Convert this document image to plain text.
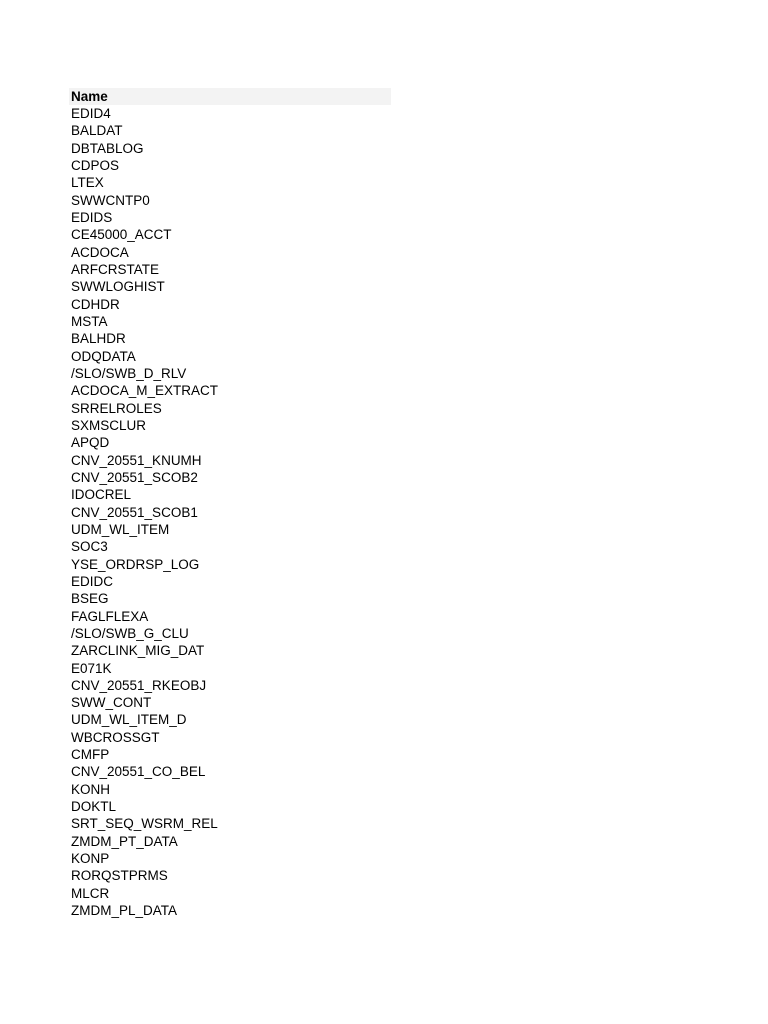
Name
EDID4
BALDAT
DBTABLOG
CDPOS
LTEX
SWWCNTP0
EDIDS
CE45000_ACCT
ACDOCA
ARFCRSTATE
SWWLOGHIST
CDHDR
MSTA
BALHDR
ODQDATA
/SLO/SWB_D_RLV
ACDOCA_M_EXTRACT
SRRELROLES
SXMSCLUR
APQD
CNV_20551_KNUMH
CNV_20551_SCOB2
IDOCREL
CNV_20551_SCOB1
UDM_WL_ITEM
SOC3
YSE_ORDRSP_LOG
EDIDC
BSEG
FAGLFLEXA
/SLO/SWB_G_CLU
ZARCLINK_MIG_DAT
E071K
CNV_20551_RKEOBJ
SWW_CONT
UDM_WL_ITEM_D
WBCROSSGT
CMFP
CNV_20551_CO_BEL
KONH
DOKTL
SRT_SEQ_WSRM_REL
ZMDM_PT_DATA
KONP
RORQSTPRMS
MLCR
ZMDM_PL_DATA
